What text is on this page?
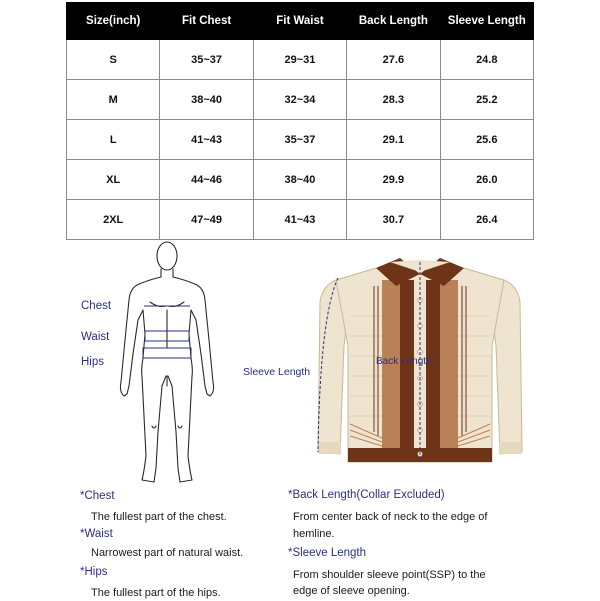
Size(inch)	Fit Chest	Fit Waist	Back Length	Sleeve Length
S	35~37	29~31	27.6	24.8
M	38~40	32~34	28.3	25.2
L	41~43	35~37	29.1	25.6
XL	44~46	38~40	29.9	26.0
2XL	47~49	41~43	30.7	26.4
Chest
Waist
Hips
Sleeve Length
Back Length
*Chest
The fullest part of the chest.
*Waist
Narrowest part of natural waist.
*Hips
The fullest part of the hips.
*Back Length(Collar Excluded)
From center back of neck to the edge of
hemline.
*Sleeve Length
From shoulder sleeve point(SSP) to the
edge of sleeve opening.
